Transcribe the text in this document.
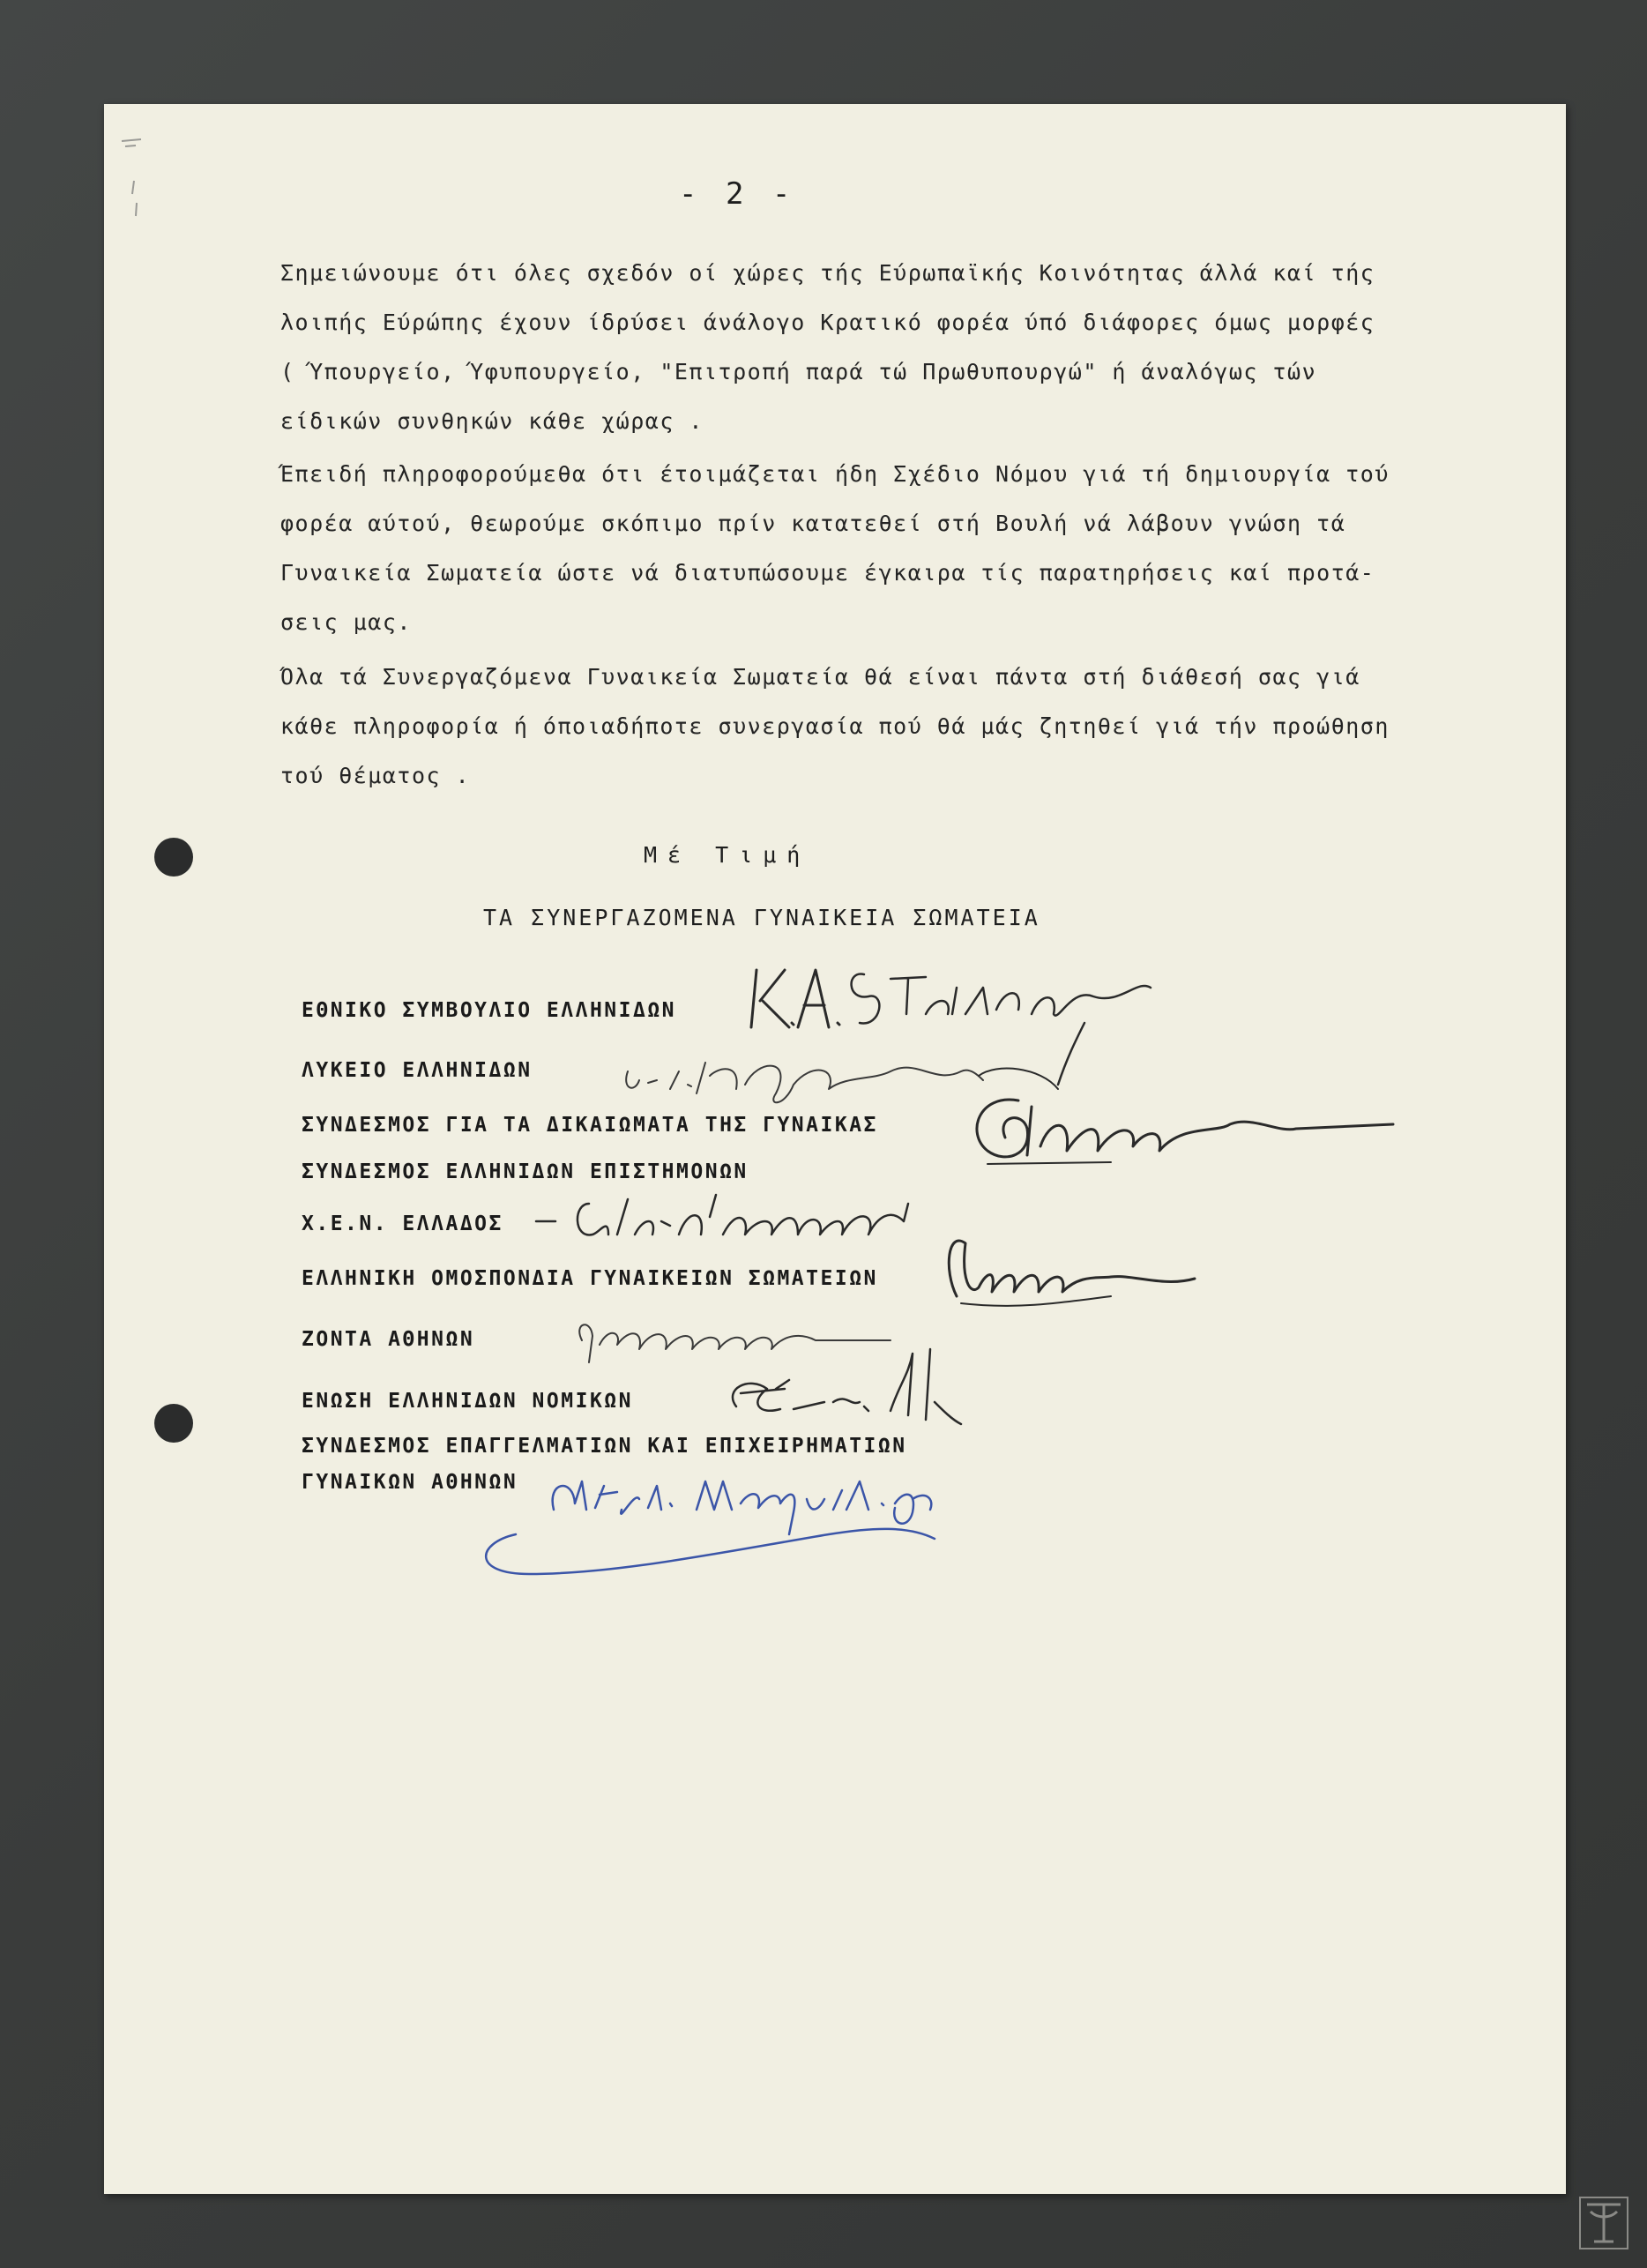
- 2 -

Σημειώνουμε ότι όλες σχεδόν οί χώρες τής Εύρωπαϊκής Κοινότητας άλλά καί τής

λοιπής Εύρώπης έχουν ίδρύσει άνάλογο Κρατικό φορέα ύπό διάφορες όμως μορφές

( Ύπουργείο, Ύφυπουργείο, "Επιτροπή παρά τώ Πρωθυπουργώ" ή άναλόγως τών

είδικών συνθηκών κάθε χώρας .

Έπειδή πληροφορούμεθα ότι έτοιμάζεται ήδη Σχέδιο Νόμου γιά τή δημιουργία τού

φορέα αύτού, θεωρούμε σκόπιμο πρίν κατατεθεί στή Βουλή νά λάβουν γνώση τά

Γυναικεία Σωματεία ώστε νά διατυπώσουμε έγκαιρα τίς παρατηρήσεις καί προτά-

σεις μας.

Όλα τά Συνεργαζόμενα Γυναικεία Σωματεία θά είναι πάντα στή διάθεσή σας γιά

κάθε πληροφορία ή όποιαδήποτε συνεργασία πού θά μάς ζητηθεί γιά τήν προώθηση

τού θέματος .

Μέ Τιμή
ΤΑ ΣΥΝΕΡΓΑΖΟΜΕΝΑ ΓΥΝΑΙΚΕΙΑ ΣΩΜΑΤΕΙΑ
ΕΘΝΙΚΟ ΣΥΜΒΟΥΛΙΟ ΕΛΛΗΝΙΔΩΝ
ΛΥΚΕΙΟ ΕΛΛΗΝΙΔΩΝ
ΣΥΝΔΕΣΜΟΣ ΓΙΑ ΤΑ ΔΙΚΑΙΩΜΑΤΑ ΤΗΣ ΓΥΝΑΙΚΑΣ
ΣΥΝΔΕΣΜΟΣ ΕΛΛΗΝΙΔΩΝ ΕΠΙΣΤΗΜΟΝΩΝ
Χ.Ε.Ν. ΕΛΛΑΔΟΣ
ΕΛΛΗΝΙΚΗ ΟΜΟΣΠΟΝΔΙΑ ΓΥΝΑΙΚΕΙΩΝ ΣΩΜΑΤΕΙΩΝ
ΖΟΝΤΑ ΑΘΗΝΩΝ
ΕΝΩΣΗ ΕΛΛΗΝΙΔΩΝ ΝΟΜΙΚΩΝ
ΣΥΝΔΕΣΜΟΣ ΕΠΑΓΓΕΛΜΑΤΙΩΝ ΚΑΙ ΕΠΙΧΕΙΡΗΜΑΤΙΩΝ
ΓΥΝΑΙΚΩΝ ΑΘΗΝΩΝ
